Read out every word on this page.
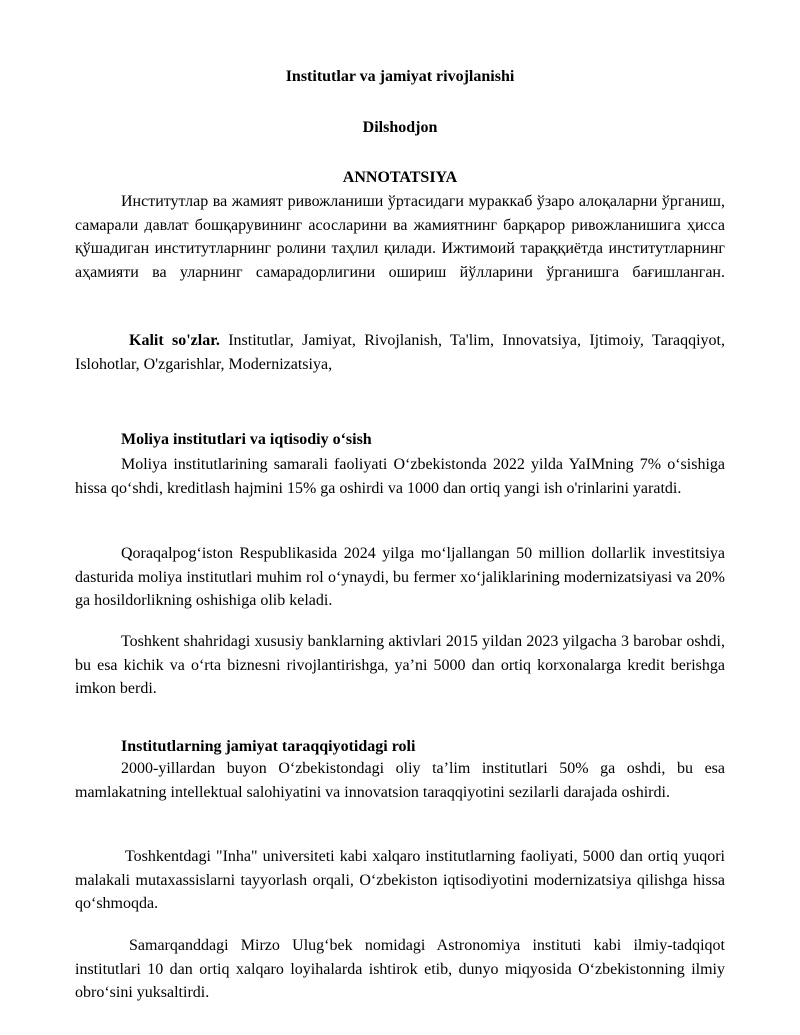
Institutlar va jamiyat rivojlanishi

Dilshodjon

ANNOTATSIYA

Институтлар ва жамият ривожланиши ўртасидаги мураккаб ўзаро алоқаларни ўрганиш, самарали давлат бошқарувининг асосларини ва жамиятнинг барқарор ривожланишига ҳисса қўшадиган институтларнинг ролини таҳлил қилади. Ижтимоий тараққиётда институтларнинг аҳамияти ва уларнинг самарадорлигини ошириш йўлларини ўрганишга бағишланган.

Kalit so'zlar. Institutlar, Jamiyat, Rivojlanish, Ta'lim, Innovatsiya, Ijtimoiy, Taraqqiyot, Islohotlar, O'zgarishlar, Modernizatsiya,

Moliya institutlari va iqtisodiy o‘sish

Moliya institutlarining samarali faoliyati O‘zbekistonda 2022 yilda YaIMning 7% o‘sishiga hissa qo‘shdi, kreditlash hajmini 15% ga oshirdi va 1000 dan ortiq yangi ish o'rinlarini yaratdi.

Qoraqalpog‘iston Respublikasida 2024 yilga mo‘ljallangan 50 million dollarlik investitsiya dasturida moliya institutlari muhim rol o‘ynaydi, bu fermer xo‘jaliklarining modernizatsiyasi va 20% ga hosildorlikning oshishiga olib keladi.

Toshkent shahridagi xususiy banklarning aktivlari 2015 yildan 2023 yilgacha 3 barobar oshdi, bu esa kichik va o‘rta biznesni rivojlantirishga, ya’ni 5000 dan ortiq korxonalarga kredit berishga imkon berdi.

Institutlarning jamiyat taraqqiyotidagi roli

2000-yillardan buyon O‘zbekistondagi oliy ta’lim institutlari 50% ga oshdi, bu esa mamlakatning intellektual salohiyatini va innovatsion taraqqiyotini sezilarli darajada oshirdi.

Toshkentdagi "Inha" universiteti kabi xalqaro institutlarning faoliyati, 5000 dan ortiq yuqori malakali mutaxassislarni tayyorlash orqali, O‘zbekiston iqtisodiyotini modernizatsiya qilishga hissa qo‘shmoqda.

Samarqanddagi Mirzo Ulug‘bek nomidagi Astronomiya instituti kabi ilmiy-tadqiqot institutlari 10 dan ortiq xalqaro loyihalarda ishtirok etib, dunyo miqyosida O‘zbekistonning ilmiy obro‘sini yuksaltirdi.
